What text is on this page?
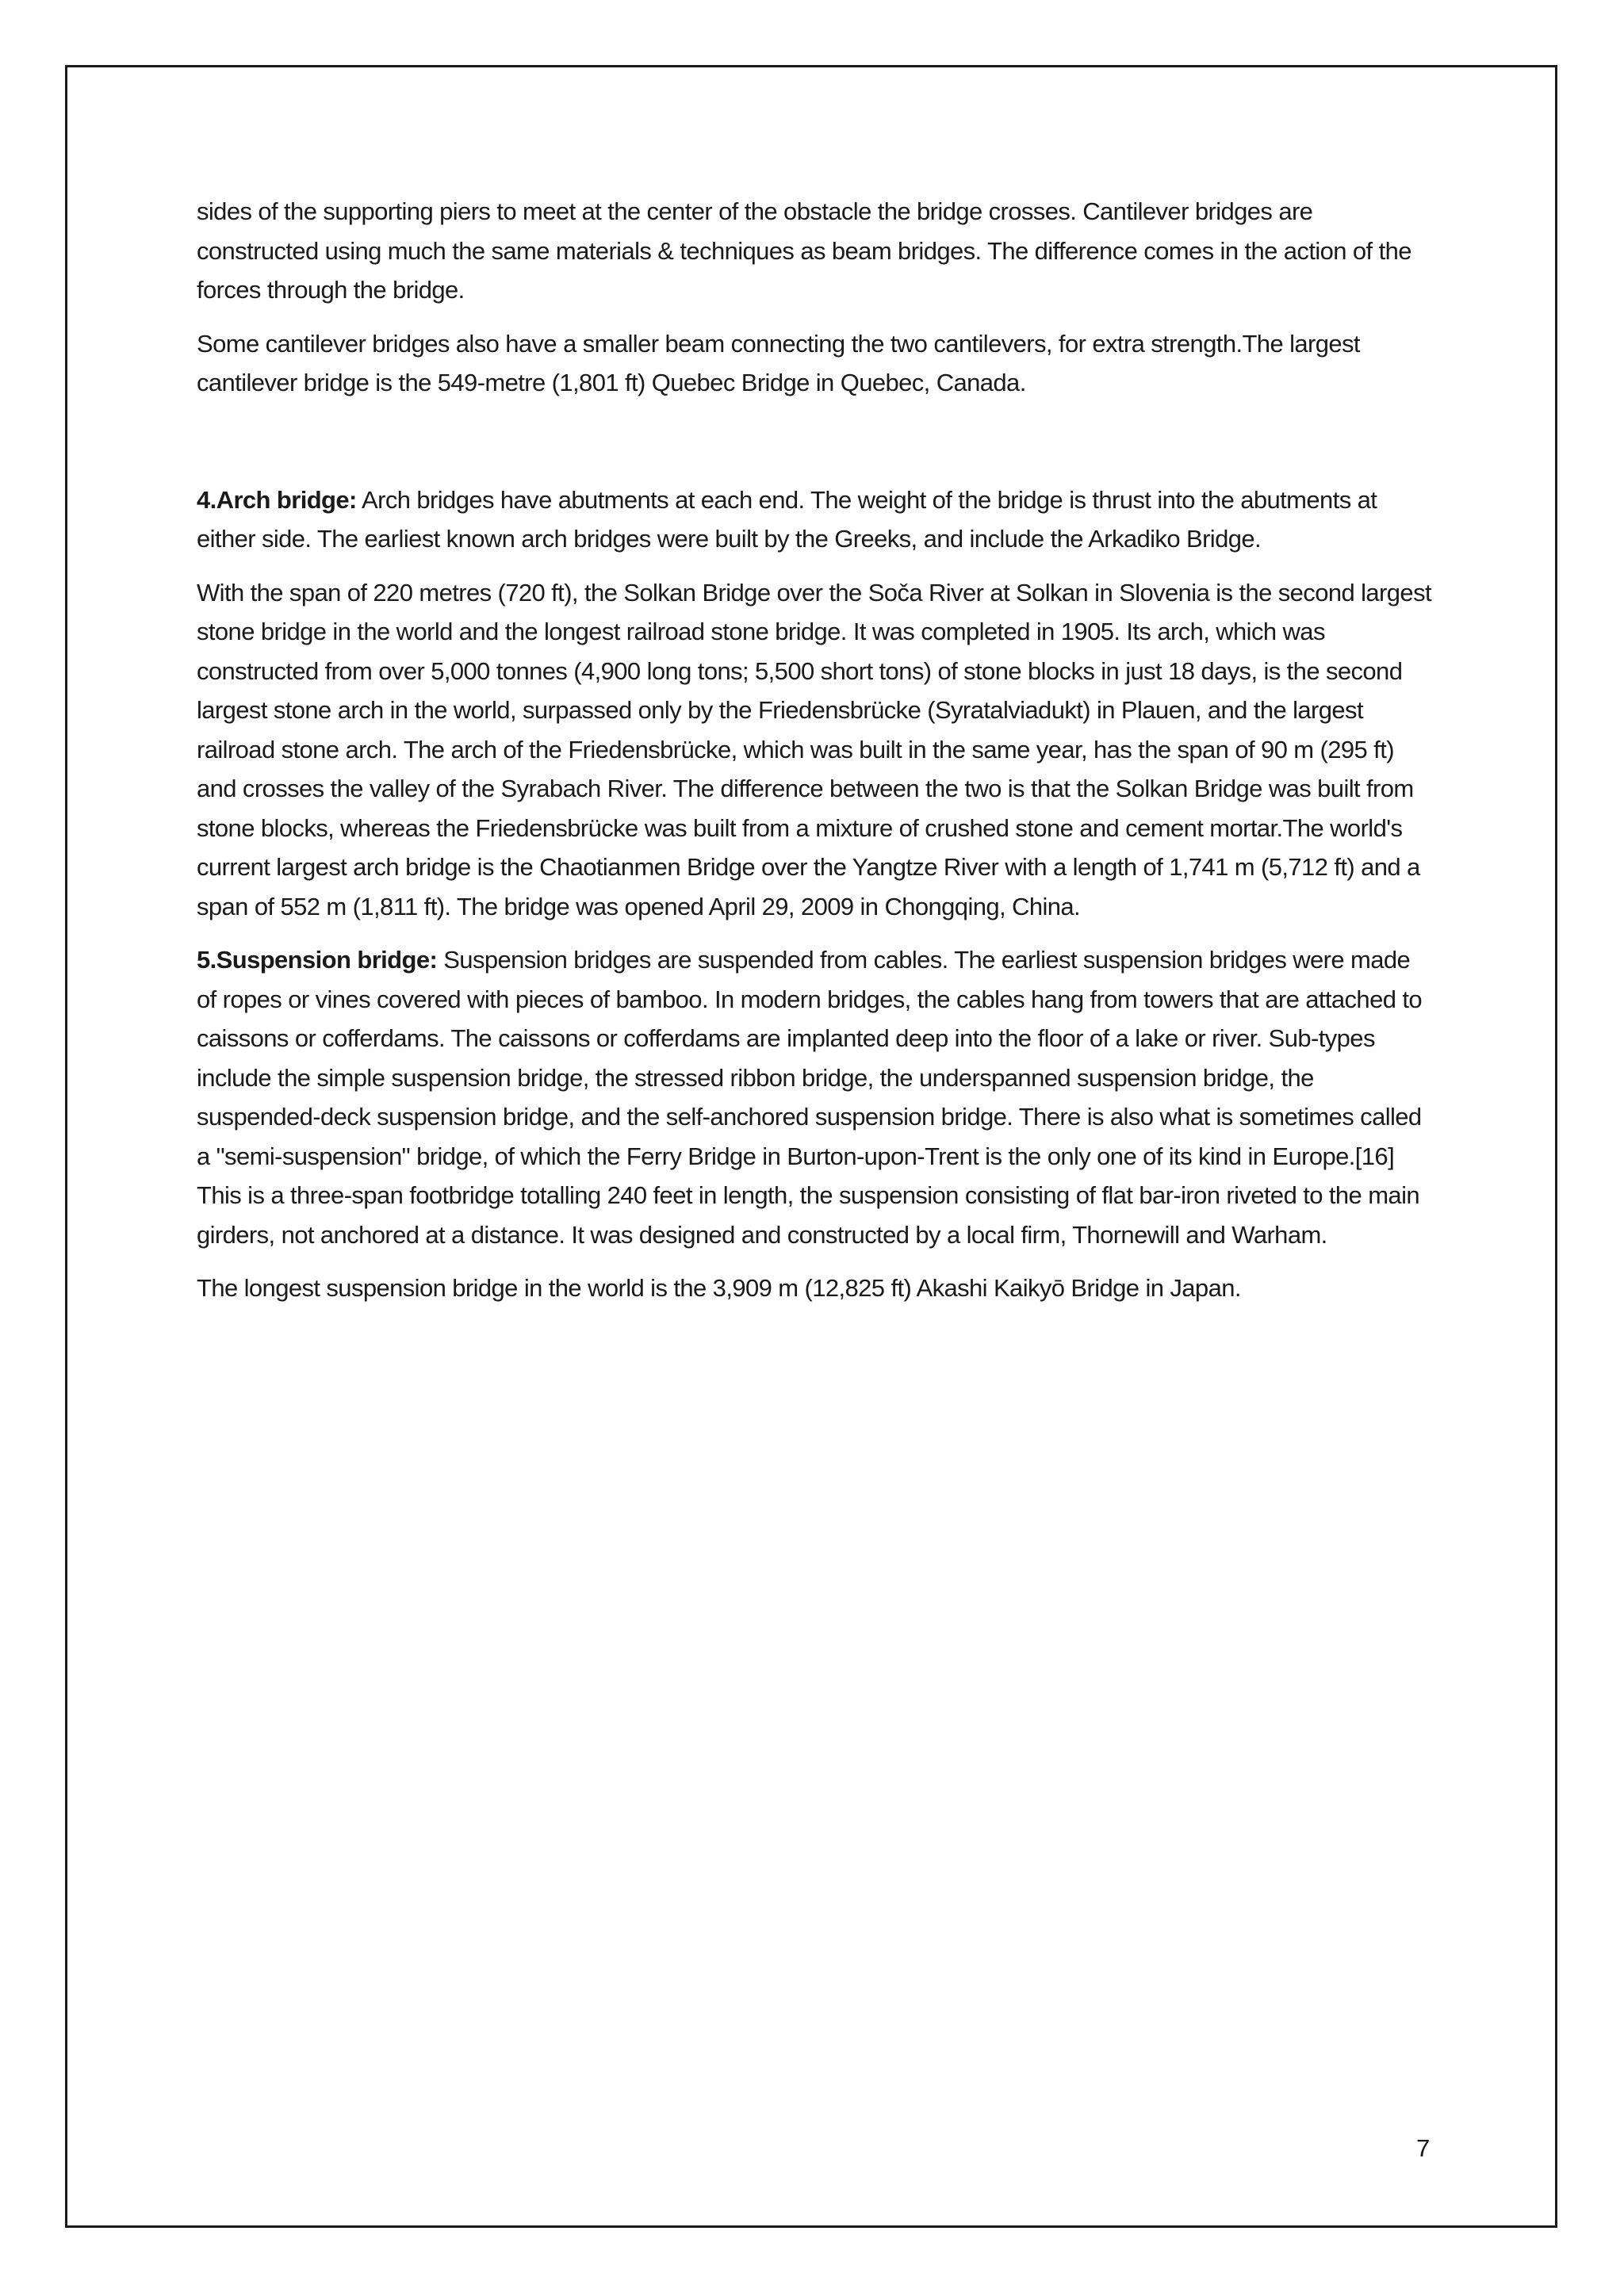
sides of the supporting piers to meet at the center of the obstacle the bridge crosses. Cantilever bridges are constructed using much the same materials & techniques as beam bridges. The difference comes in the action of the forces through the bridge.

Some cantilever bridges also have a smaller beam connecting the two cantilevers, for extra strength.The largest cantilever bridge is the 549-metre (1,801 ft) Quebec Bridge in Quebec, Canada.

4.Arch bridge: Arch bridges have abutments at each end. The weight of the bridge is thrust into the abutments at either side. The earliest known arch bridges were built by the Greeks, and include the Arkadiko Bridge.

With the span of 220 metres (720 ft), the Solkan Bridge over the Soča River at Solkan in Slovenia is the second largest stone bridge in the world and the longest railroad stone bridge. It was completed in 1905. Its arch, which was constructed from over 5,000 tonnes (4,900 long tons; 5,500 short tons) of stone blocks in just 18 days, is the second largest stone arch in the world, surpassed only by the Friedensbrücke (Syratalviadukt) in Plauen, and the largest railroad stone arch. The arch of the Friedensbrücke, which was built in the same year, has the span of 90 m (295 ft) and crosses the valley of the Syrabach River. The difference between the two is that the Solkan Bridge was built from stone blocks, whereas the Friedensbrücke was built from a mixture of crushed stone and cement mortar.The world's current largest arch bridge is the Chaotianmen Bridge over the Yangtze River with a length of 1,741 m (5,712 ft) and a span of 552 m (1,811 ft). The bridge was opened April 29, 2009 in Chongqing, China.

5.Suspension bridge: Suspension bridges are suspended from cables. The earliest suspension bridges were made of ropes or vines covered with pieces of bamboo. In modern bridges, the cables hang from towers that are attached to caissons or cofferdams. The caissons or cofferdams are implanted deep into the floor of a lake or river. Sub-types include the simple suspension bridge, the stressed ribbon bridge, the underspanned suspension bridge, the suspended-deck suspension bridge, and the self-anchored suspension bridge. There is also what is sometimes called a "semi-suspension" bridge, of which the Ferry Bridge in Burton-upon-Trent is the only one of its kind in Europe.[16] This is a three-span footbridge totalling 240 feet in length, the suspension consisting of flat bar-iron riveted to the main girders, not anchored at a distance. It was designed and constructed by a local firm, Thornewill and Warham.

The longest suspension bridge in the world is the 3,909 m (12,825 ft) Akashi Kaikyō Bridge in Japan.

7
